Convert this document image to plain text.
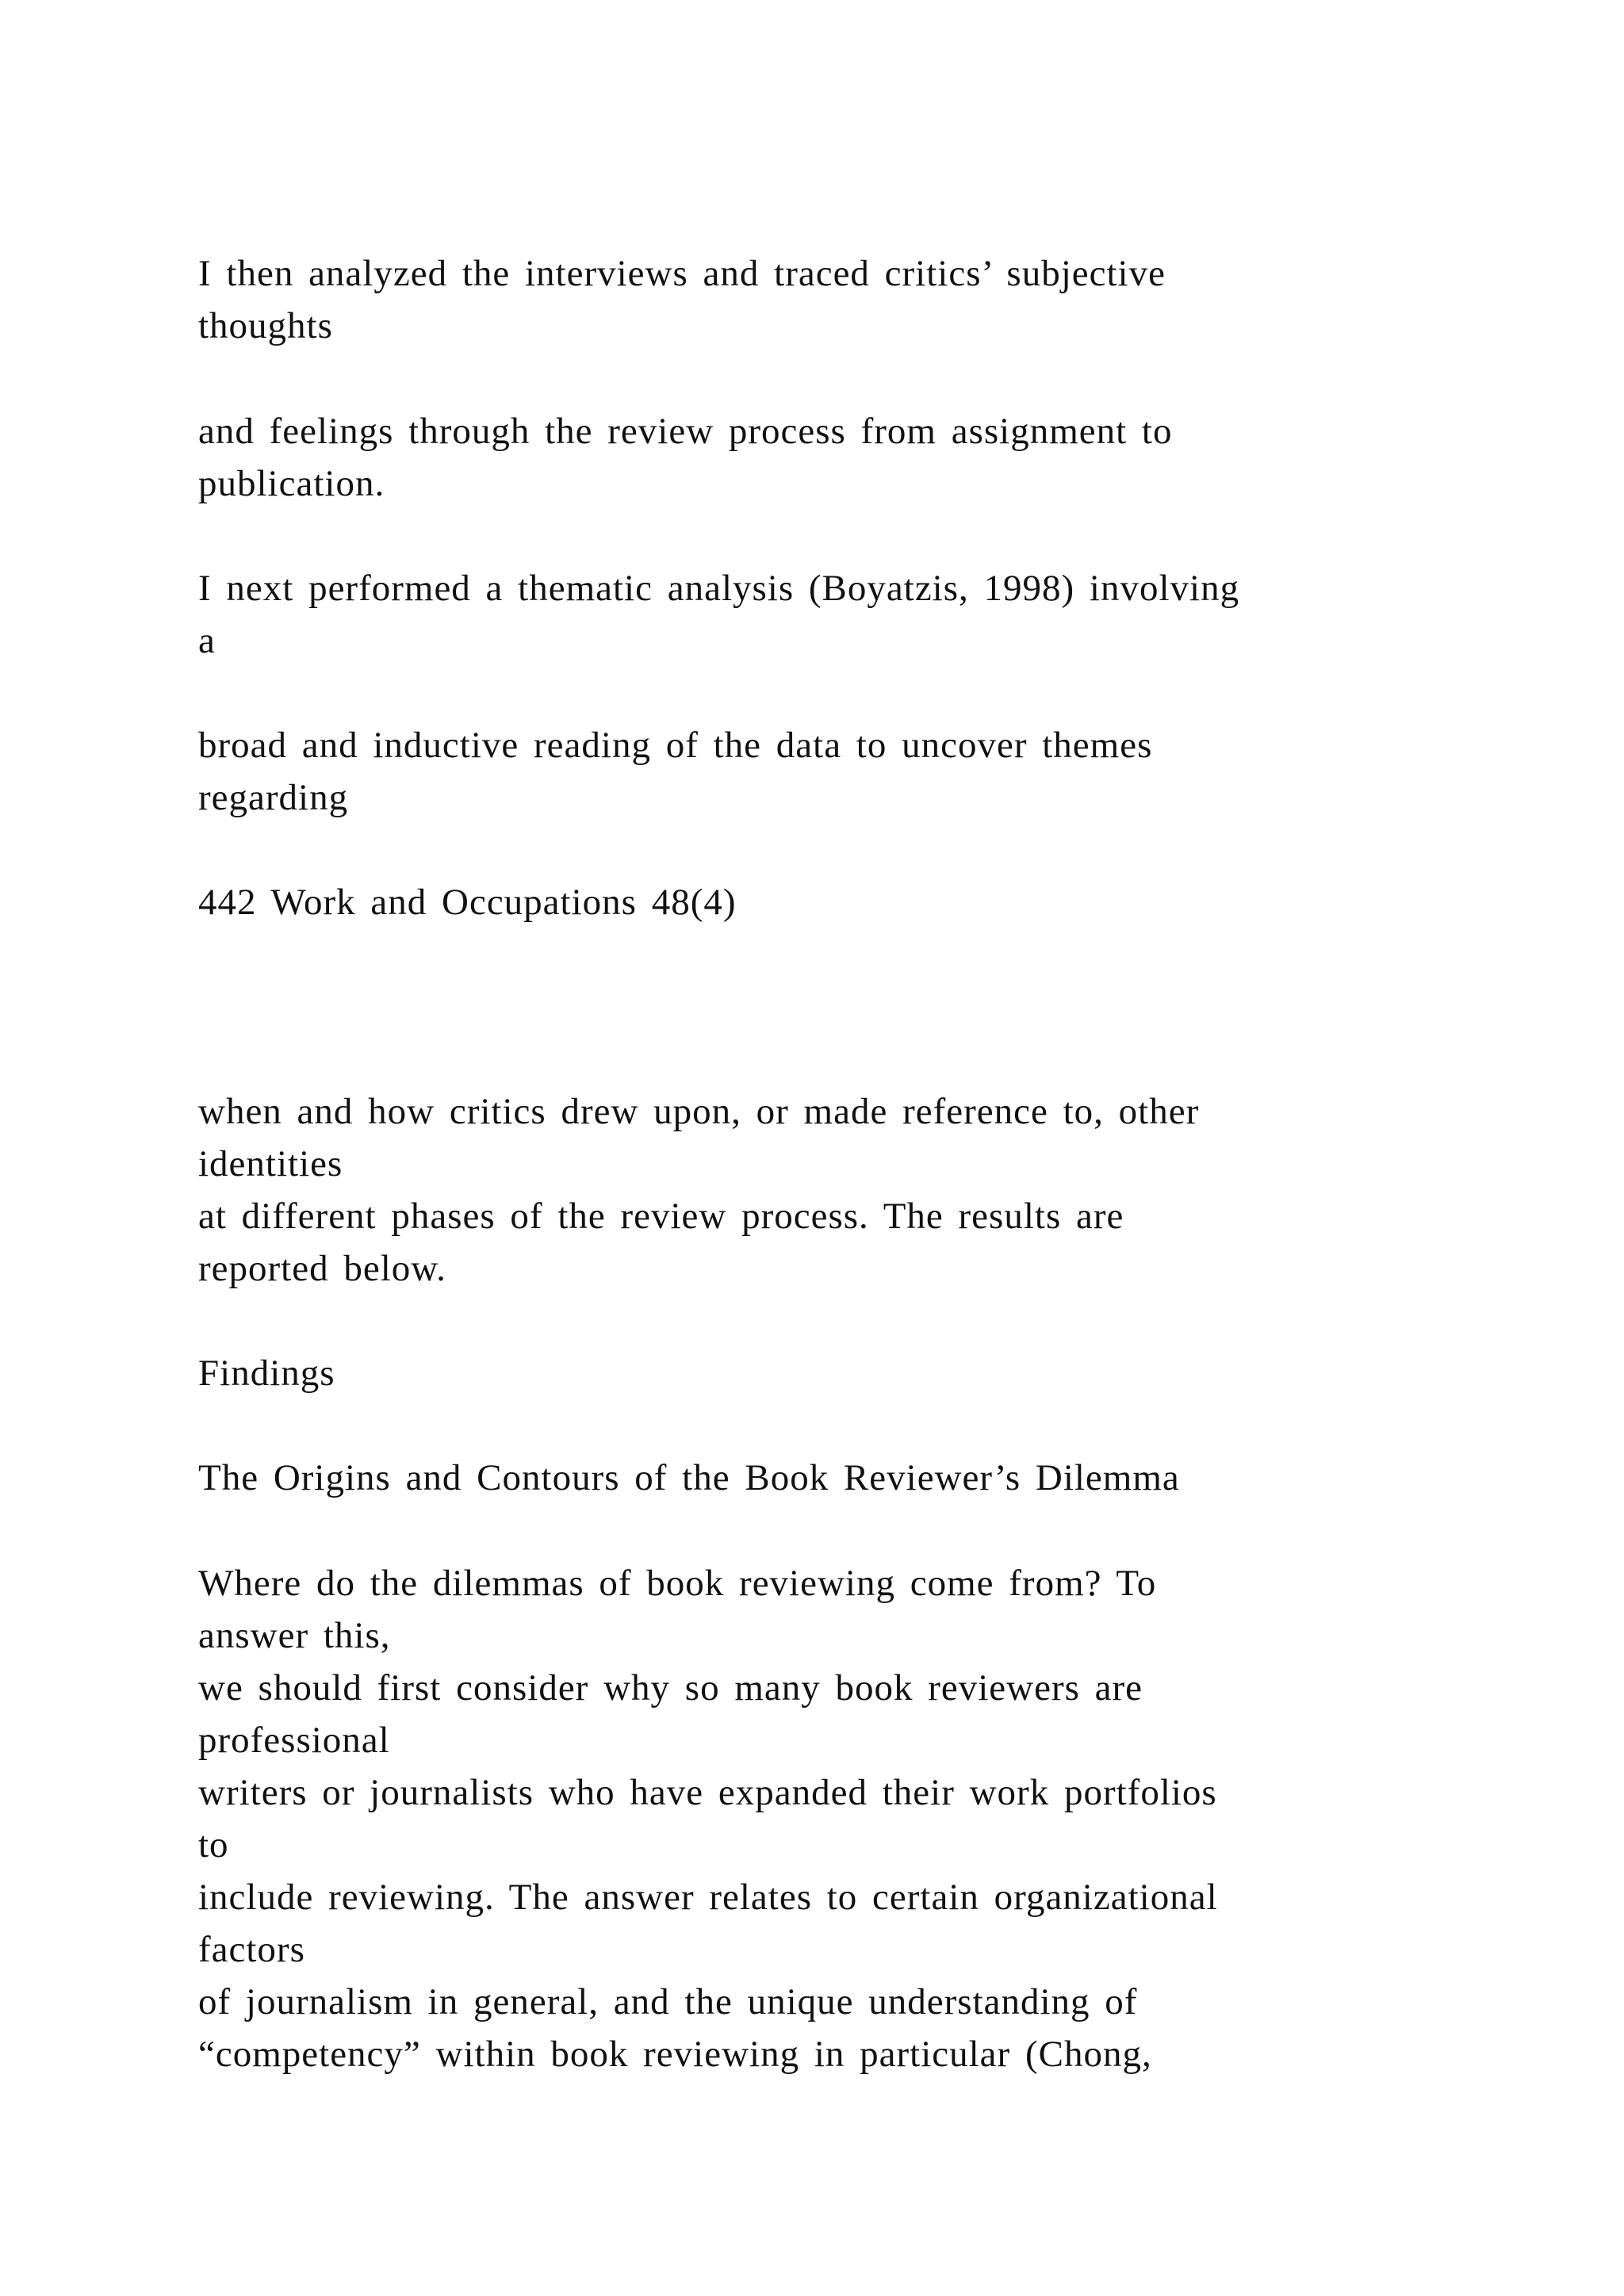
I then analyzed the interviews and traced critics’ subjective
thoughts
and feelings through the review process from assignment to
publication.
I next performed a thematic analysis (Boyatzis, 1998) involving
a
broad and inductive reading of the data to uncover themes
regarding
442 Work and Occupations 48(4)
when and how critics drew upon, or made reference to, other
identities
at different phases of the review process. The results are
reported below.
Findings
The Origins and Contours of the Book Reviewer’s Dilemma
Where do the dilemmas of book reviewing come from? To
answer this,
we should first consider why so many book reviewers are
professional
writers or journalists who have expanded their work portfolios
to
include reviewing. The answer relates to certain organizational
factors
of journalism in general, and the unique understanding of
“competency” within book reviewing in particular (Chong,
